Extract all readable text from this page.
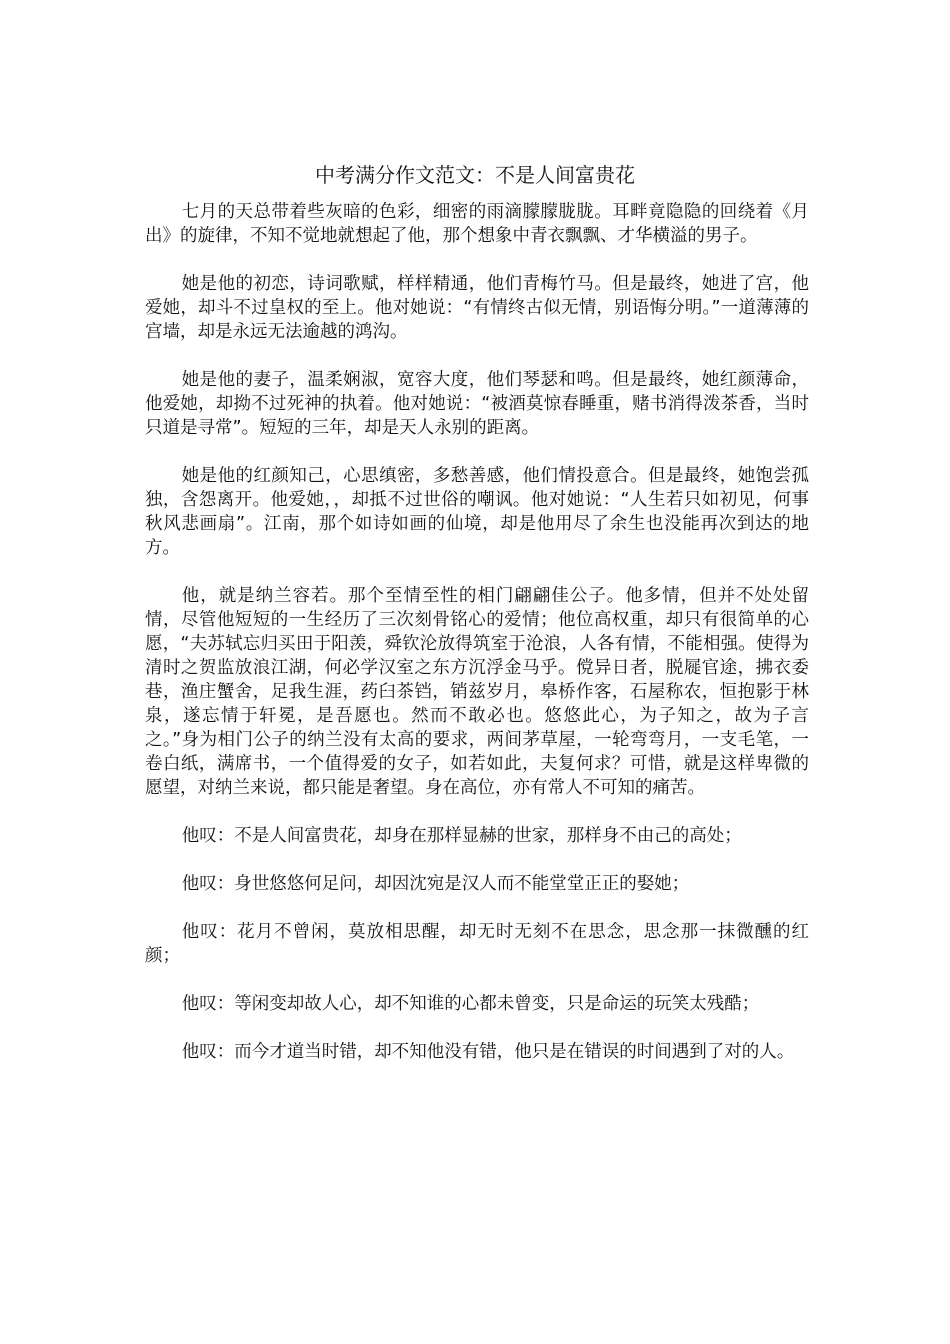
中考满分作文范文：不是人间富贵花

七月的天总带着些灰暗的色彩，细密的雨滴朦朦胧胧。耳畔竟隐隐的回绕着《月出》的旋律，不知不觉地就想起了他，那个想象中青衣飘飘、才华横溢的男子。

她是他的初恋，诗词歌赋，样样精通，他们青梅竹马。但是最终，她进了宫，他爱她，却斗不过皇权的至上。他对她说：“有情终古似无情，别语悔分明。”一道薄薄的宫墙，却是永远无法逾越的鸿沟。

她是他的妻子，温柔娴淑，宽容大度，他们琴瑟和鸣。但是最终，她红颜薄命，他爱她，却拗不过死神的执着。他对她说：“被酒莫惊春睡重，赌书消得泼茶香，当时只道是寻常”。短短的三年，却是天人永别的距离。

她是他的红颜知己，心思缜密，多愁善感，他们情投意合。但是最终，她饱尝孤独，含怨离开。他爱她，，却抵不过世俗的嘲讽。他对她说：“人生若只如初见，何事秋风悲画扇”。江南，那个如诗如画的仙境，却是他用尽了余生也没能再次到达的地方。

他，就是纳兰容若。那个至情至性的相门翩翩佳公子。他多情，但并不处处留情，尽管他短短的一生经历了三次刻骨铭心的爱情；他位高权重，却只有很简单的心愿，“夫苏轼忘归买田于阳羡，舜钦沦放得筑室于沧浪，人各有情，不能相强。使得为清时之贺监放浪江湖，何必学汉室之东方沉浮金马乎。傥异日者，脱屣官途，拂衣委巷，渔庄蟹舍，足我生涯，药臼茶铛，销兹岁月，皋桥作客，石屋称农，恒抱影于林泉，遂忘情于轩冕，是吾愿也。然而不敢必也。悠悠此心，为子知之，故为子言之。”身为相门公子的纳兰没有太高的要求，两间茅草屋，一轮弯弯月，一支毛笔，一卷白纸，满席书，一个值得爱的女子，如若如此，夫复何求？可惜，就是这样卑微的愿望，对纳兰来说，都只能是奢望。身在高位，亦有常人不可知的痛苦。

他叹：不是人间富贵花，却身在那样显赫的世家，那样身不由己的高处；

他叹：身世悠悠何足问，却因沈宛是汉人而不能堂堂正正的娶她；

他叹：花月不曾闲，莫放相思醒，却无时无刻不在思念，思念那一抹微醺的红颜；

他叹：等闲变却故人心，却不知谁的心都未曾变，只是命运的玩笑太残酷；

他叹：而今才道当时错，却不知他没有错，他只是在错误的时间遇到了对的人。
